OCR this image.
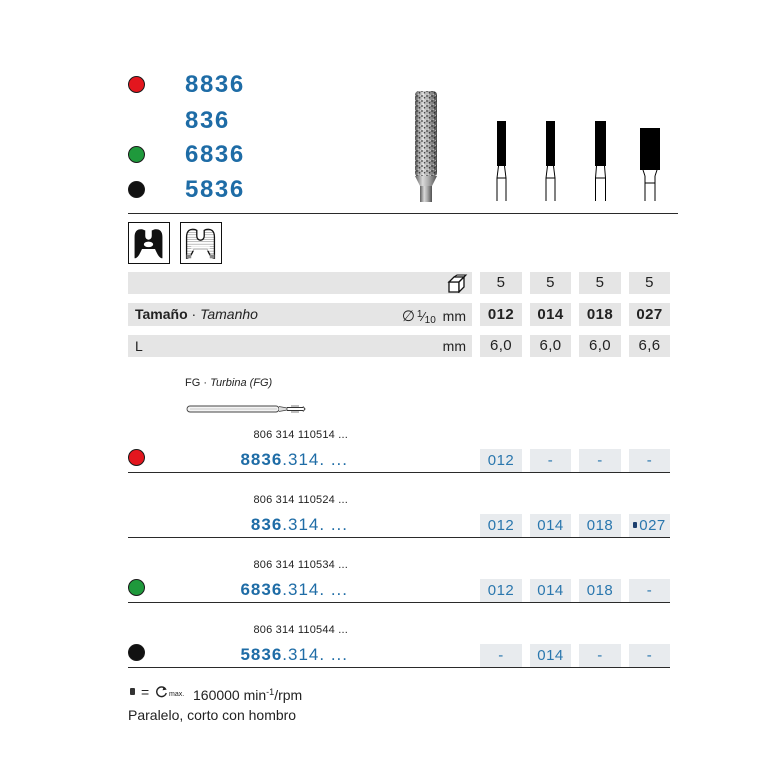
8836
836
6836
5836
5	5	5	5
Tamaño · Tamanho	∅ $^1⁄_{10}$ mm	012	014	018	027
L	mm	6,0	6,0	6,0	6,6
FG · Turbina (FG)
806 314 110514 ...
8836.314. ...	012	-	-	-
806 314 110524 ...
836.314. ...	012	014	018	027
806 314 110534 ...
6836.314. ...	012	014	018	-
806 314 110544 ...
5836.314. ...	-	014	-	-
=	max. 160000 $\min^{-1}$/rpm
Paralelo, corto con hombro
